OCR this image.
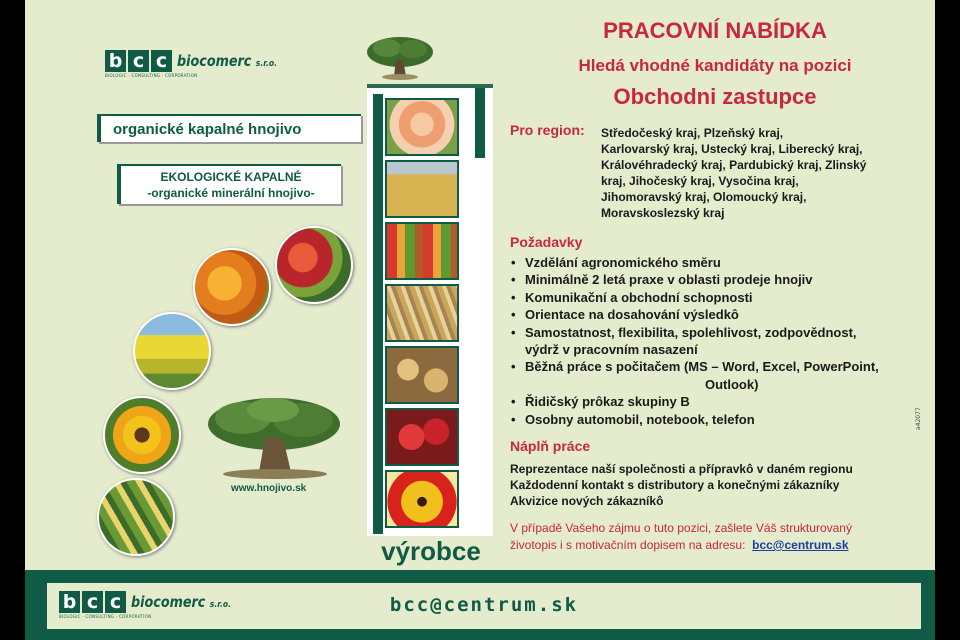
b c c
BIOLOGIC · CONSULTING · CORPORATION
biocomerc s.r.o.
organické kapalné hnojivo
EKOLOGICKÉ KAPALNÉ
-organické minerální hnojivo-
www.hnojivo.sk
výrobce
PRACOVNÍ NABÍDKA
Hledá vhodné kandidáty na pozici
Obchodni zastupce
Pro region: Středočeský kraj, Plzeňský kraj,
Karlovarský kraj, Ustecký kraj, Liberecký kraj,
Královéhradecký kraj, Pardubický kraj, Zlinský
kraj, Jihočeský kraj, Vysočina kraj,
Jihomoravský kraj, Olomoucký kraj,
Moravskoslezský kraj
Požadavky
• Vzdělání agronomického směru
• Minimálně 2 letá praxe v oblasti prodeje hnojiv
• Komunikační a obchodní schopnosti
• Orientace na dosahování výsledkô
• Samostatnost, flexibilita, spolehlivost, zodpovědnost,
výdrž v pracovním nasazení
• Běžná práce s počitačem (MS – Word, Excel, PowerPoint,
Outlook)
• Řidičský prôkaz skupiny B
• Osobny automobil, notebook, telefon
Náplň práce
Reprezentace naší společnosti a přípravkô v daném regionu
Každodenní kontakt s distributory a konečnými zákazníky
Akvizice nových zákazníkô
V případě Vašeho zájmu o tuto pozici, zašlete Váš strukturovaný
životopis i s motivačním dopisem na adresu: bcc@centrum.sk
a42077
b c c
BIOLOGIC · CONSULTING · CORPORATION
biocomerc s.r.o.	bcc@centrum.sk
